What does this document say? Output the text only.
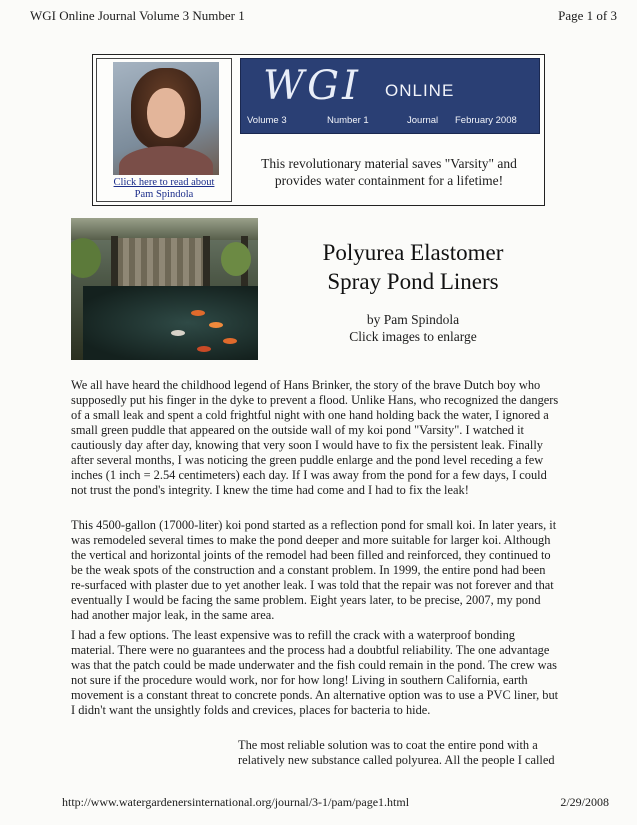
WGI Online Journal Volume 3 Number 1	Page 1 of 3
Click here to read about
Pam Spindola
WGI ONLINE
Volume 3	Number 1	Journal February 2008
This revolutionary material saves "Varsity" and
provides water containment for a lifetime!
Polyurea Elastomer
Spray Pond Liners
by Pam Spindola
Click images to enlarge

We all have heard the childhood legend of Hans Brinker, the story of the brave Dutch boy who supposedly put his finger in the dyke to prevent a flood. Unlike Hans, who recognized the dangers of a small leak and spent a cold frightful night with one hand holding back the water, I ignored a small green puddle that appeared on the outside wall of my koi pond "Varsity". I watched it cautiously day after day, knowing that very soon I would have to fix the persistent leak. Finally after several months, I was noticing the green puddle enlarge and the pond level receding a few inches (1 inch = 2.54 centimeters) each day. If I was away from the pond for a few days, I could not trust the pond's integrity. I knew the time had come and I had to fix the leak!

This 4500-gallon (17000-liter) koi pond started as a reflection pond for small koi. In later years, it was remodeled several times to make the pond deeper and more suitable for larger koi. Although the vertical and horizontal joints of the remodel had been filled and reinforced, they continued to be the weak spots of the construction and a constant problem. In 1999, the entire pond had been re-surfaced with plaster due to yet another leak. I was told that the repair was not forever and that eventually I would be facing the same problem. Eight years later, to be precise, 2007, my pond had another major leak, in the same area.

I had a few options. The least expensive was to refill the crack with a waterproof bonding material. There were no guarantees and the process had a doubtful reliability. The one advantage was that the patch could be made underwater and the fish could remain in the pond. The crew was not sure if the procedure would work, nor for how long! Living in southern California, earth movement is a constant threat to concrete ponds. An alternative option was to use a PVC liner, but I didn't want the unsightly folds and crevices, places for bacteria to hide.

The most reliable solution was to coat the entire pond with a relatively new substance called polyurea. All the people I called

http://www.watergardenersinternational.org/journal/3-1/pam/page1.html	2/29/2008
